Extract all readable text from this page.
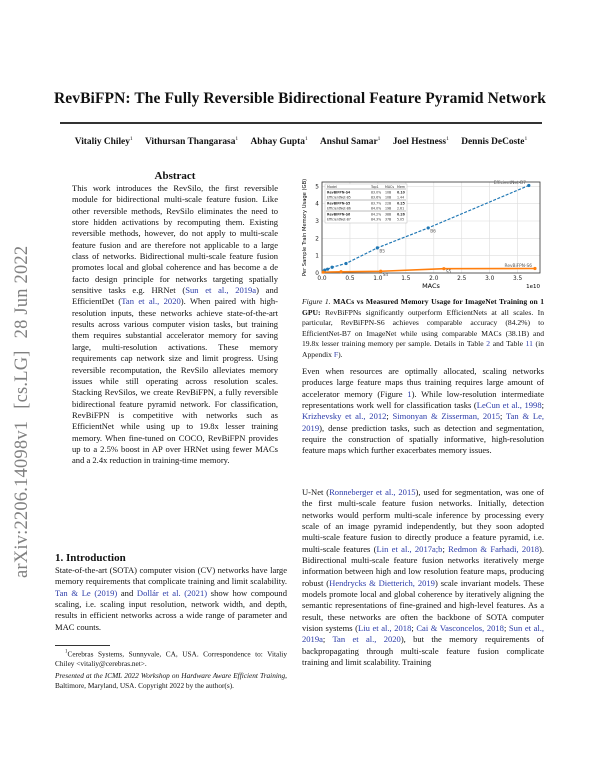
arXiv:2206.14098v1[cs.LG]28 Jun 2022
RevBiFPN: The Fully Reversible Bidirectional Feature Pyramid Network
Vitaliy Chiley$^1$ Vithursan Thangarasa$^1$ Abhay Gupta$^1$ Anshul Samar$^1$ Joel Hestness$^1$ Dennis DeCoste$^1$
Abstract
This work introduces the RevSilo, the first reversible module for bidirectional multi-scale feature fusion. Like other reversible methods, RevSilo eliminates the need to store hidden activations by recomputing them. Existing reversible methods, however, do not apply to multi-scale feature fusion and are therefore not applicable to a large class of networks. Bidirectional multi-scale feature fusion promotes local and global coherence and has become a de facto design principle for networks targeting spatially sensitive tasks e.g. HRNet (Sun et al., 2019a) and EfficientDet (Tan et al., 2020). When paired with high-resolution inputs, these networks achieve state-of-the-art results across various computer vision tasks, but training them requires substantial accelerator memory for saving large, multi-resolution activations. These memory requirements cap network size and limit progress. Using reversible recomputation, the RevSilo alleviates memory issues while still operating across resolution scales. Stacking RevSilos, we create RevBiFPN, a fully reversible bidirectional feature pyramid network. For classification, RevBiFPN is competitive with networks such as EfficientNet while using up to 19.8x lesser training memory. When fine-tuned on COCO, RevBiFPN provides up to a 2.5% boost in AP over HRNet using fewer MACs and a 2.4x reduction in training-time memory.
1. Introduction
State-of-the-art (SOTA) computer vision (CV) networks have large memory requirements that complicate training and limit scalability. Tan & Le (2019) and Dollár et al. (2021) show how compound scaling, i.e. scaling input resolution, network width, and depth, results in efficient networks across a wide range of parameter and MAC counts.
$^1$Cerebras Systems, Sunnyvale, CA, USA. Correspondence to: Vitaliy Chiley <vitaliy@cerebras.net>.
Presented at the ICML 2022 Workshop on Hardware Aware Efficient Training, Baltimore, Maryland, USA. Copyright 2022 by the author(s).
0.0	0.5	1.0	1.5	2.0	2.5	3.0	3.5
0
1
2
3
4
5
EfficientNet-B7
B6
B5
S4
S5
RevBiFPN-S6
Model	Top1 MACs Mem
RevBiFPN-S4	83.0% 10B 0.10
EfficientNet-B5	83.6% 10B 1.44
RevBiFPN-S5	83.7% 22B 0.25
EfficientNet-B6	84.0% 19B 2.61
RevBiFPN-S6	84.2% 38B 0.26
EfficientNet-B7	84.3% 37B 5.05
MACs	1e10
Per Sample Train Memory Usage (GB)
Figure 1. MACs vs Measured Memory Usage for ImageNet Training on 1 GPU: RevBiFPNs significantly outperform EfficientNets at all scales. In particular, RevBiFPN-S6 achieves comparable accuracy (84.2%) to EfficientNet-B7 on ImageNet while using comparable MACs (38.1B) and 19.8x lesser training memory per sample. Details in Table 2 and Table 11 (in Appendix F).
Even when resources are optimally allocated, scaling networks produces large feature maps thus training requires large amount of accelerator memory (Figure 1). While low-resolution intermediate representations work well for classification tasks (LeCun et al., 1998; Krizhevsky et al., 2012; Simonyan & Zisserman, 2015; Tan & Le, 2019), dense prediction tasks, such as detection and segmentation, require the construction of spatially informative, high-resolution feature maps which further exacerbates memory issues.
U-Net (Ronneberger et al., 2015), used for segmentation, was one of the first multi-scale feature fusion networks. Initially, detection networks would perform multi-scale inference by processing every scale of an image pyramid independently, but they soon adopted multi-scale feature fusion to directly produce a feature pyramid, i.e. multi-scale features (Lin et al., 2017a;b; Redmon & Farhadi, 2018). Bidirectional multi-scale feature fusion networks iteratively merge information between high and low resolution feature maps, producing robust (Hendrycks & Dietterich, 2019) scale invariant models. These models promote local and global coherence by iteratively aligning the semantic representations of fine-grained and high-level features. As a result, these networks are often the backbone of SOTA computer vision systems (Liu et al., 2018; Cai & Vasconcelos, 2018; Sun et al., 2019a; Tan et al., 2020), but the memory requirements of backpropagating through multi-scale feature fusion complicate training and limit scalability. Training
